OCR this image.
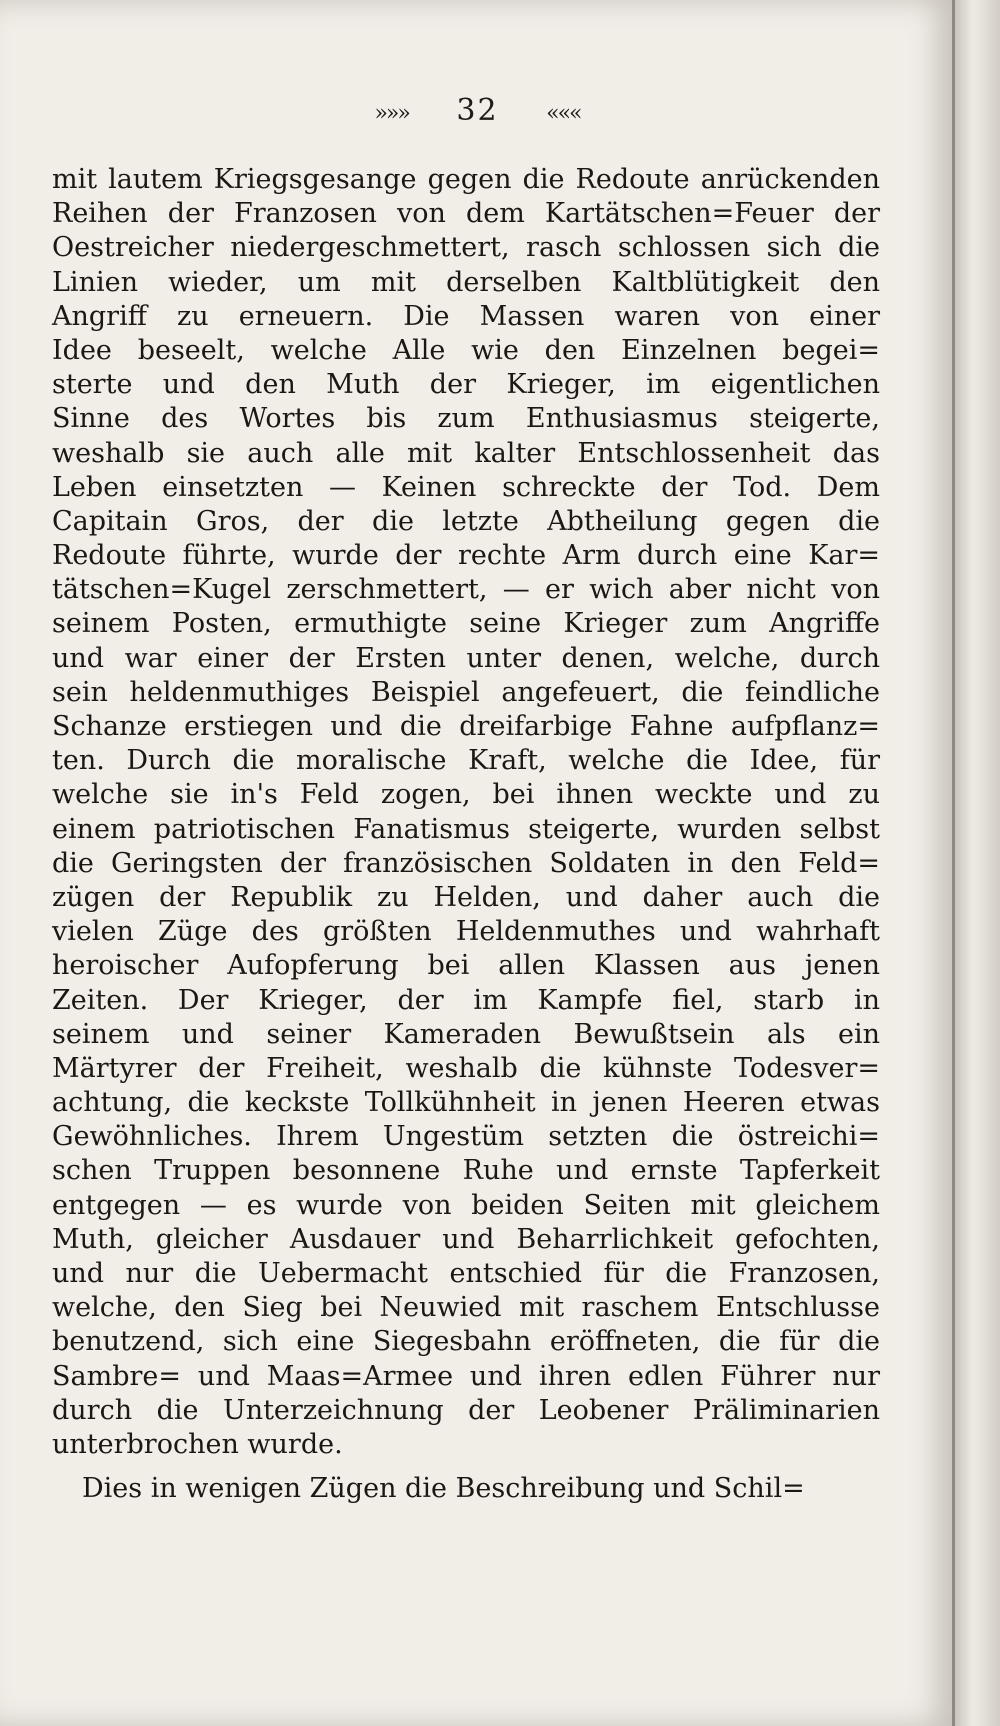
»»» 32 «««
mit lautem Kriegsgesange gegen die Redoute anrückenden
Reihen der Franzosen von dem Kartätschen=Feuer der
Oestreicher niedergeschmettert, rasch schlossen sich die
Linien wieder, um mit derselben Kaltblütigkeit den
Angriff zu erneuern. Die Massen waren von einer
Idee beseelt, welche Alle wie den Einzelnen begei=
sterte und den Muth der Krieger, im eigentlichen
Sinne des Wortes bis zum Enthusiasmus steigerte,
weshalb sie auch alle mit kalter Entschlossenheit das
Leben einsetzten — Keinen schreckte der Tod. Dem
Capitain Gros, der die letzte Abtheilung gegen die
Redoute führte, wurde der rechte Arm durch eine Kar=
tätschen=Kugel zerschmettert, — er wich aber nicht von
seinem Posten, ermuthigte seine Krieger zum Angriffe
und war einer der Ersten unter denen, welche, durch
sein heldenmuthiges Beispiel angefeuert, die feindliche
Schanze erstiegen und die dreifarbige Fahne aufpflanz=
ten. Durch die moralische Kraft, welche die Idee, für
welche sie in's Feld zogen, bei ihnen weckte und zu
einem patriotischen Fanatismus steigerte, wurden selbst
die Geringsten der französischen Soldaten in den Feld=
zügen der Republik zu Helden, und daher auch die
vielen Züge des größten Heldenmuthes und wahrhaft
heroischer Aufopferung bei allen Klassen aus jenen
Zeiten. Der Krieger, der im Kampfe fiel, starb in
seinem und seiner Kameraden Bewußtsein als ein
Märtyrer der Freiheit, weshalb die kühnste Todesver=
achtung, die keckste Tollkühnheit in jenen Heeren etwas
Gewöhnliches. Ihrem Ungestüm setzten die östreichi=
schen Truppen besonnene Ruhe und ernste Tapferkeit
entgegen — es wurde von beiden Seiten mit gleichem
Muth, gleicher Ausdauer und Beharrlichkeit gefochten,
und nur die Uebermacht entschied für die Franzosen,
welche, den Sieg bei Neuwied mit raschem Entschlusse
benutzend, sich eine Siegesbahn eröffneten, die für die
Sambre= und Maas=Armee und ihren edlen Führer nur
durch die Unterzeichnung der Leobener Präliminarien
unterbrochen wurde.
Dies in wenigen Zügen die Beschreibung und Schil=
